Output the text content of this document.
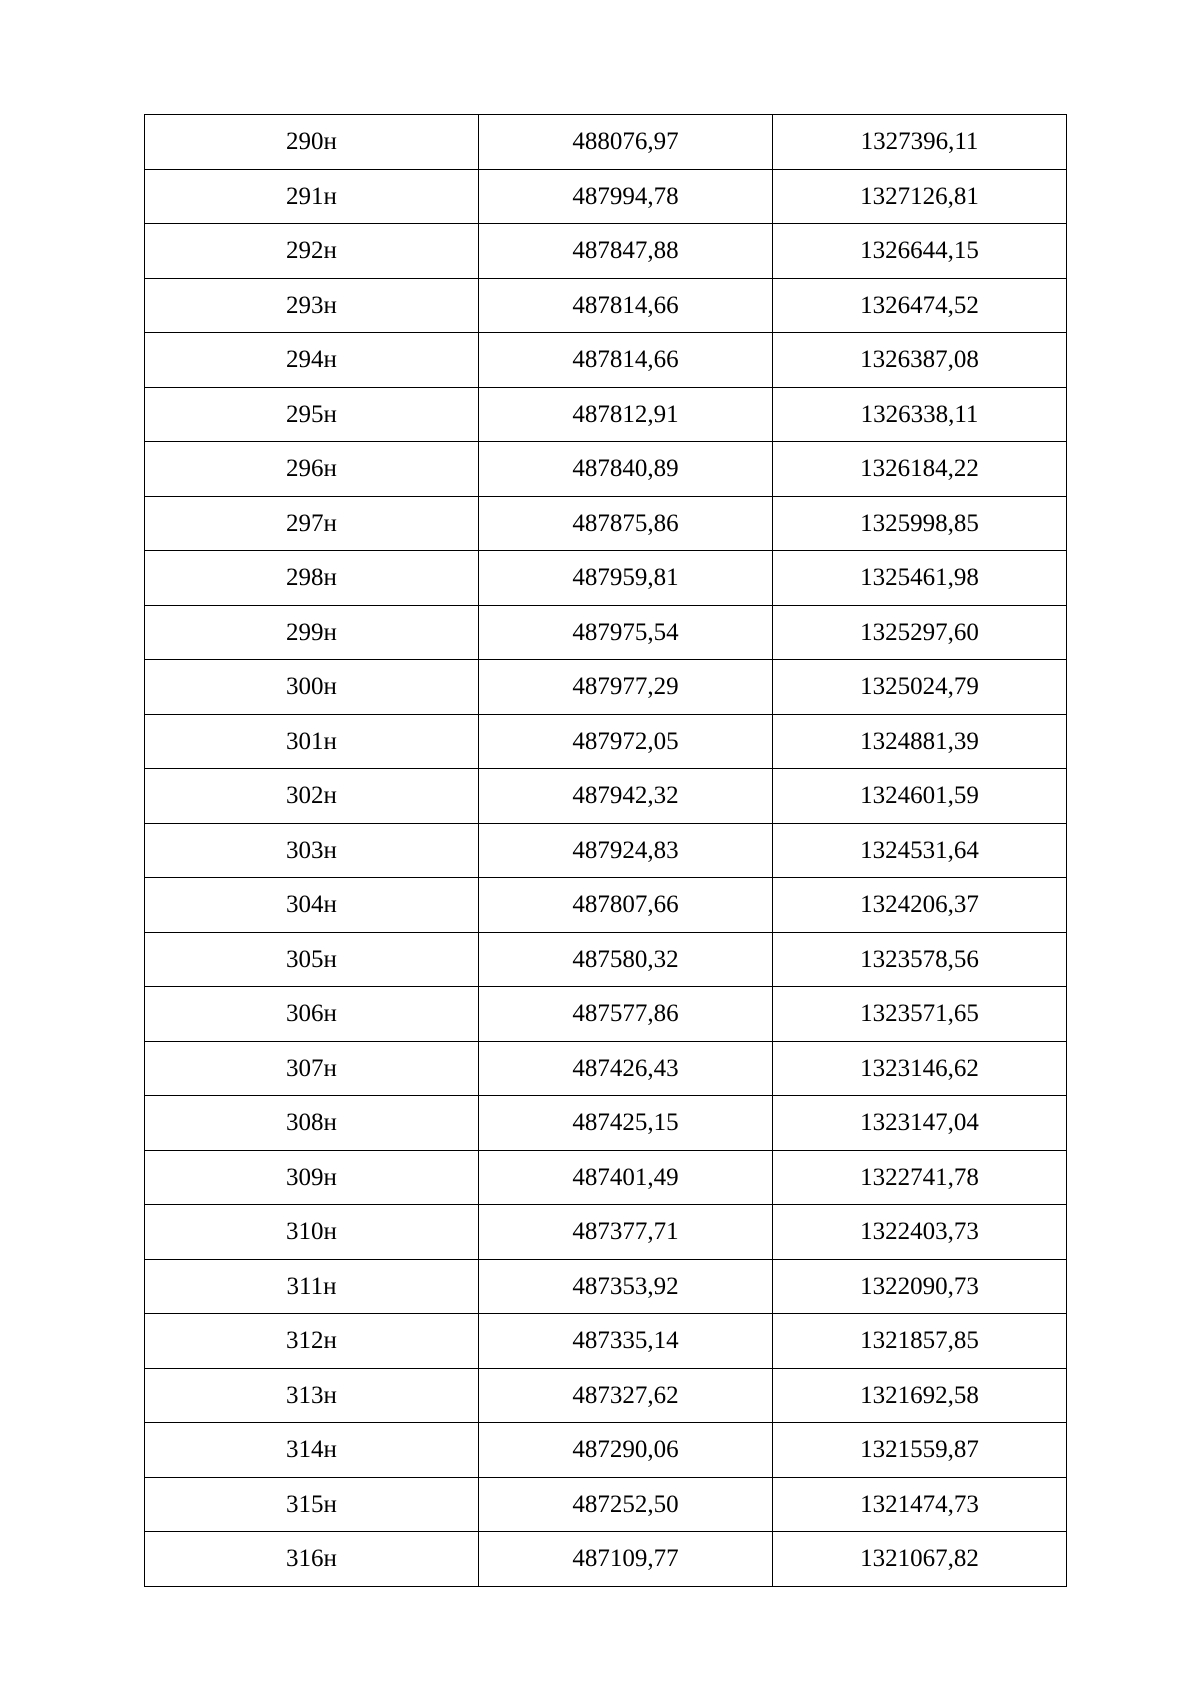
290н	488076,97	1327396,11
291н	487994,78	1327126,81
292н	487847,88	1326644,15
293н	487814,66	1326474,52
294н	487814,66	1326387,08
295н	487812,91	1326338,11
296н	487840,89	1326184,22
297н	487875,86	1325998,85
298н	487959,81	1325461,98
299н	487975,54	1325297,60
300н	487977,29	1325024,79
301н	487972,05	1324881,39
302н	487942,32	1324601,59
303н	487924,83	1324531,64
304н	487807,66	1324206,37
305н	487580,32	1323578,56
306н	487577,86	1323571,65
307н	487426,43	1323146,62
308н	487425,15	1323147,04
309н	487401,49	1322741,78
310н	487377,71	1322403,73
311н	487353,92	1322090,73
312н	487335,14	1321857,85
313н	487327,62	1321692,58
314н	487290,06	1321559,87
315н	487252,50	1321474,73
316н	487109,77	1321067,82
